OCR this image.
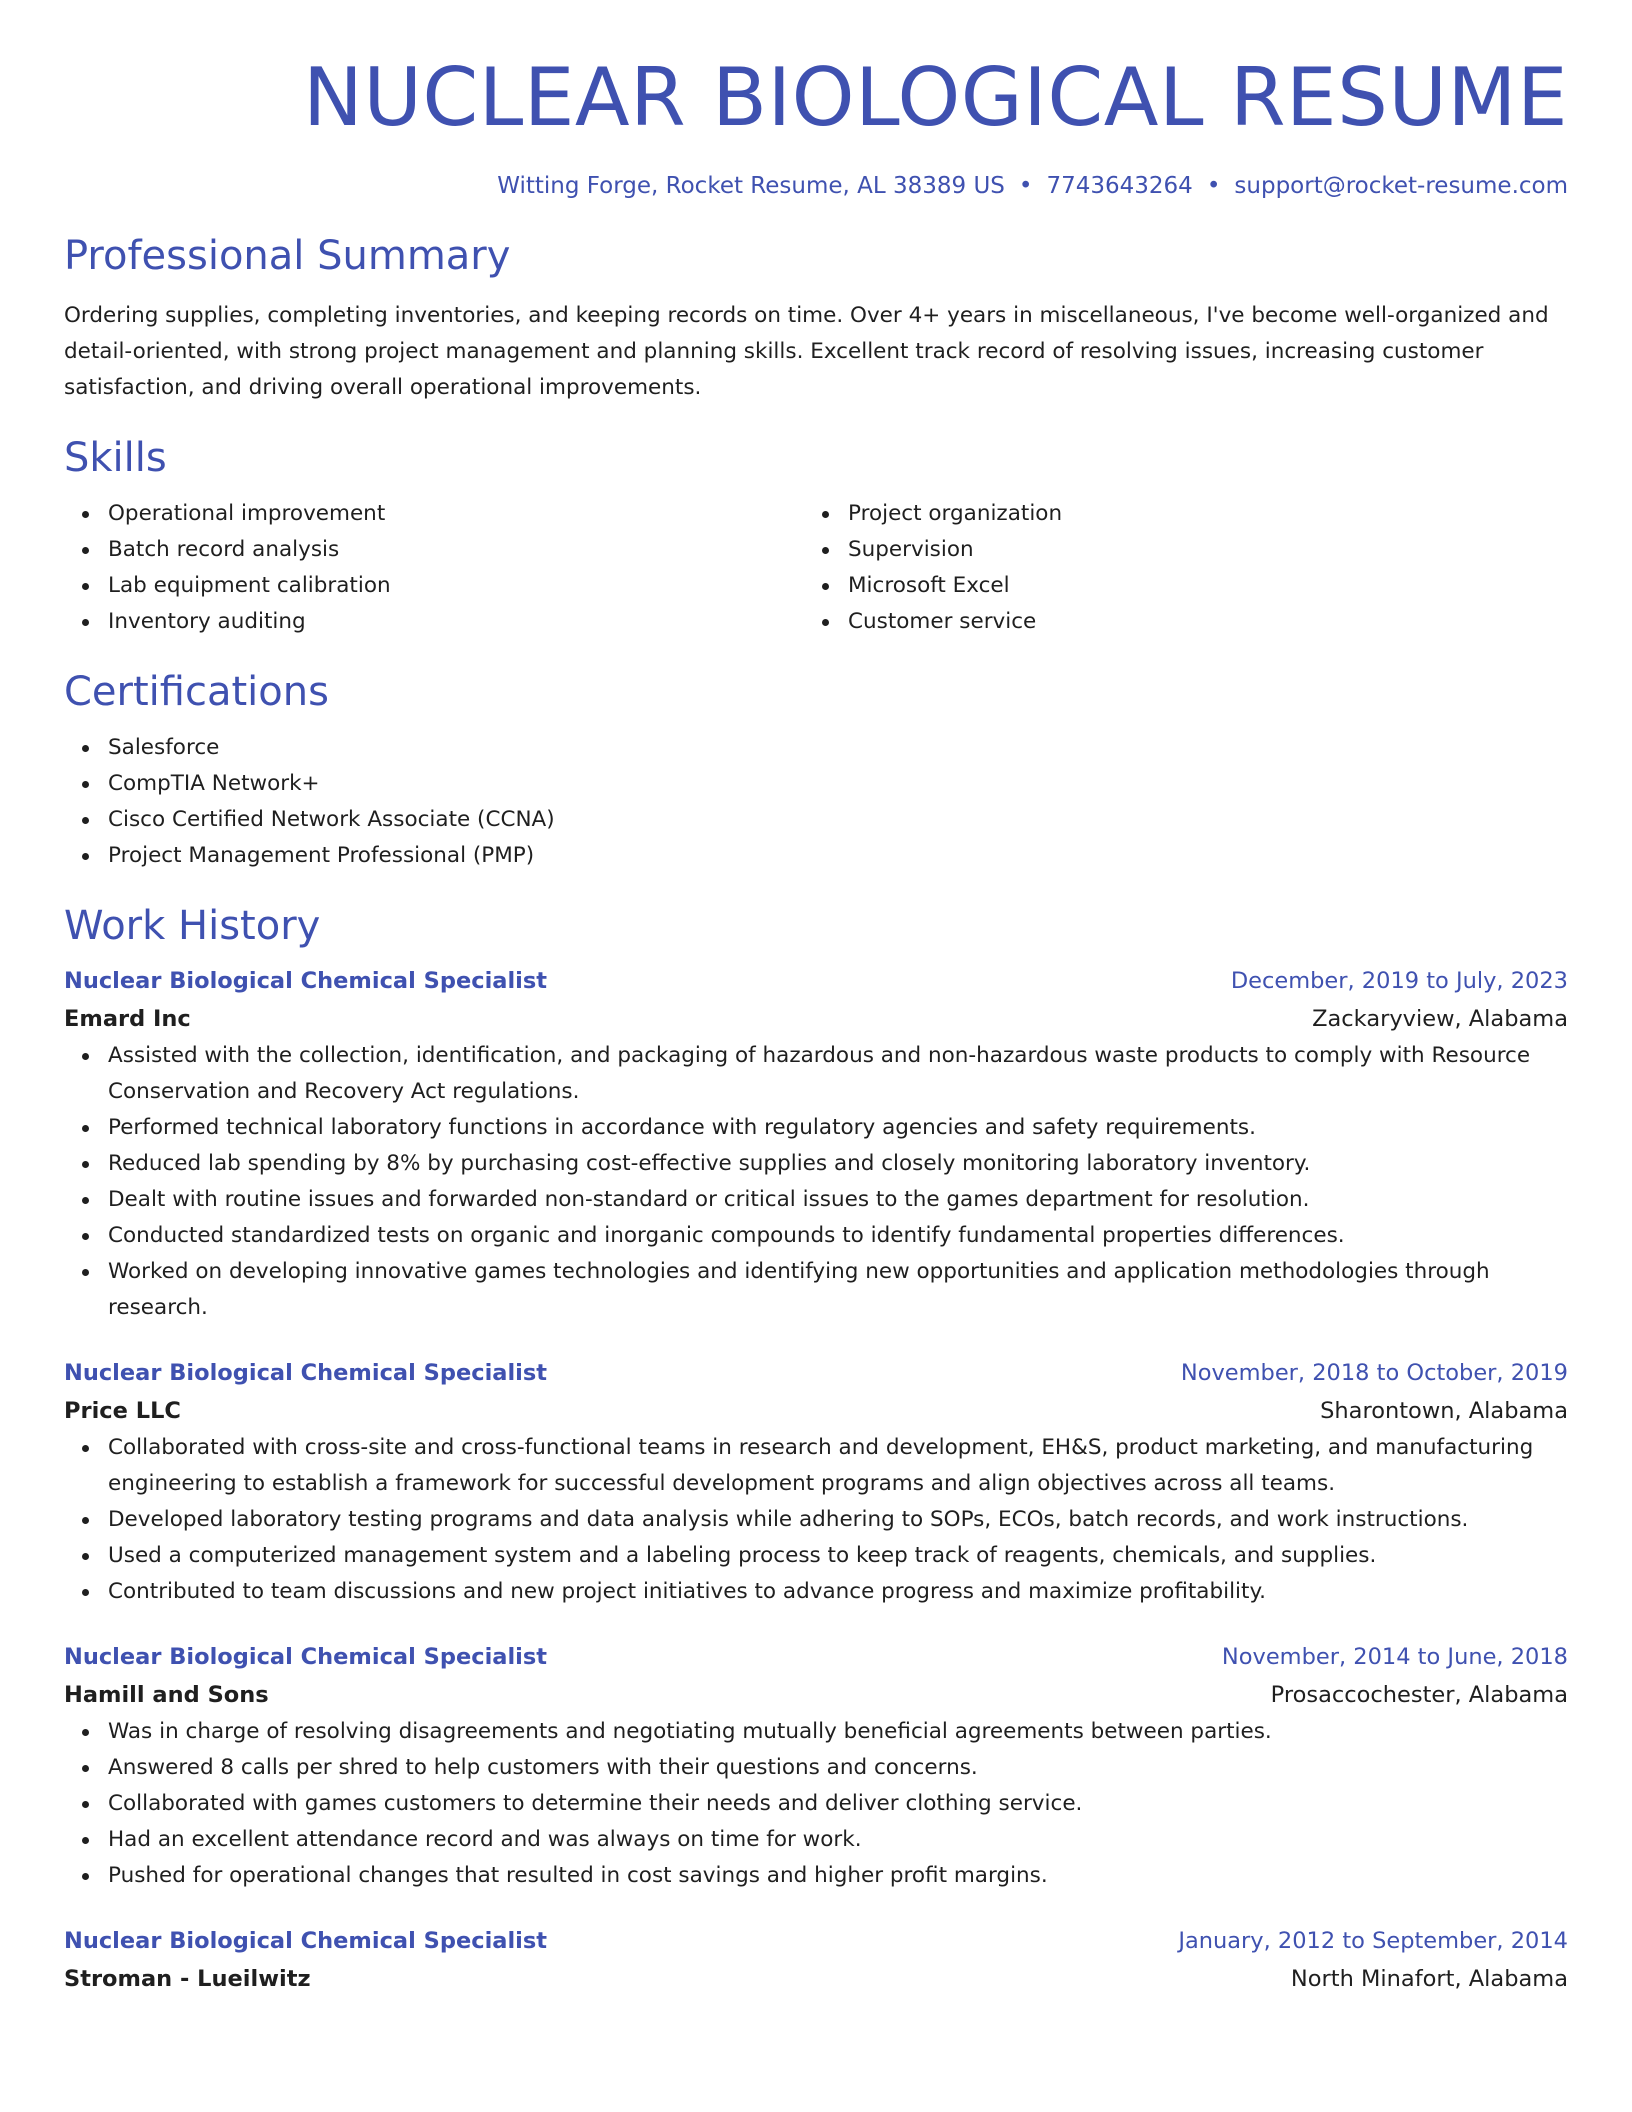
NUCLEAR BIOLOGICAL RESUME
Witting Forge, Rocket Resume, AL 38389 US • 7743643264 • support@rocket-resume.com
Professional Summary
Ordering supplies, completing inventories, and keeping records on time. Over 4+ years in miscellaneous, I've become well-organized and detail-oriented, with strong project management and planning skills. Excellent track record of resolving issues, increasing customer satisfaction, and driving overall operational improvements.
Skills
Operational improvement
Batch record analysis
Lab equipment calibration
Inventory auditing
Project organization
Supervision
Microsoft Excel
Customer service
Certifications
Salesforce
CompTIA Network+
Cisco Certified Network Associate (CCNA)
Project Management Professional (PMP)
Work History
Nuclear Biological Chemical Specialist	December, 2019 to July, 2023
Emard Inc	Zackaryview, Alabama
Assisted with the collection, identification, and packaging of hazardous and non-hazardous waste products to comply with Resource Conservation and Recovery Act regulations.
Performed technical laboratory functions in accordance with regulatory agencies and safety requirements.
Reduced lab spending by 8% by purchasing cost-effective supplies and closely monitoring laboratory inventory.
Dealt with routine issues and forwarded non-standard or critical issues to the games department for resolution.
Conducted standardized tests on organic and inorganic compounds to identify fundamental properties differences.
Worked on developing innovative games technologies and identifying new opportunities and application methodologies through research.
Nuclear Biological Chemical Specialist	November, 2018 to October, 2019
Price LLC	Sharontown, Alabama
Collaborated with cross-site and cross-functional teams in research and development, EH&S, product marketing, and manufacturing engineering to establish a framework for successful development programs and align objectives across all teams.
Developed laboratory testing programs and data analysis while adhering to SOPs, ECOs, batch records, and work instructions.
Used a computerized management system and a labeling process to keep track of reagents, chemicals, and supplies.
Contributed to team discussions and new project initiatives to advance progress and maximize profitability.
Nuclear Biological Chemical Specialist	November, 2014 to June, 2018
Hamill and Sons	Prosaccochester, Alabama
Was in charge of resolving disagreements and negotiating mutually beneficial agreements between parties.
Answered 8 calls per shred to help customers with their questions and concerns.
Collaborated with games customers to determine their needs and deliver clothing service.
Had an excellent attendance record and was always on time for work.
Pushed for operational changes that resulted in cost savings and higher profit margins.
Nuclear Biological Chemical Specialist	January, 2012 to September, 2014
Stroman - Lueilwitz	North Minafort, Alabama
